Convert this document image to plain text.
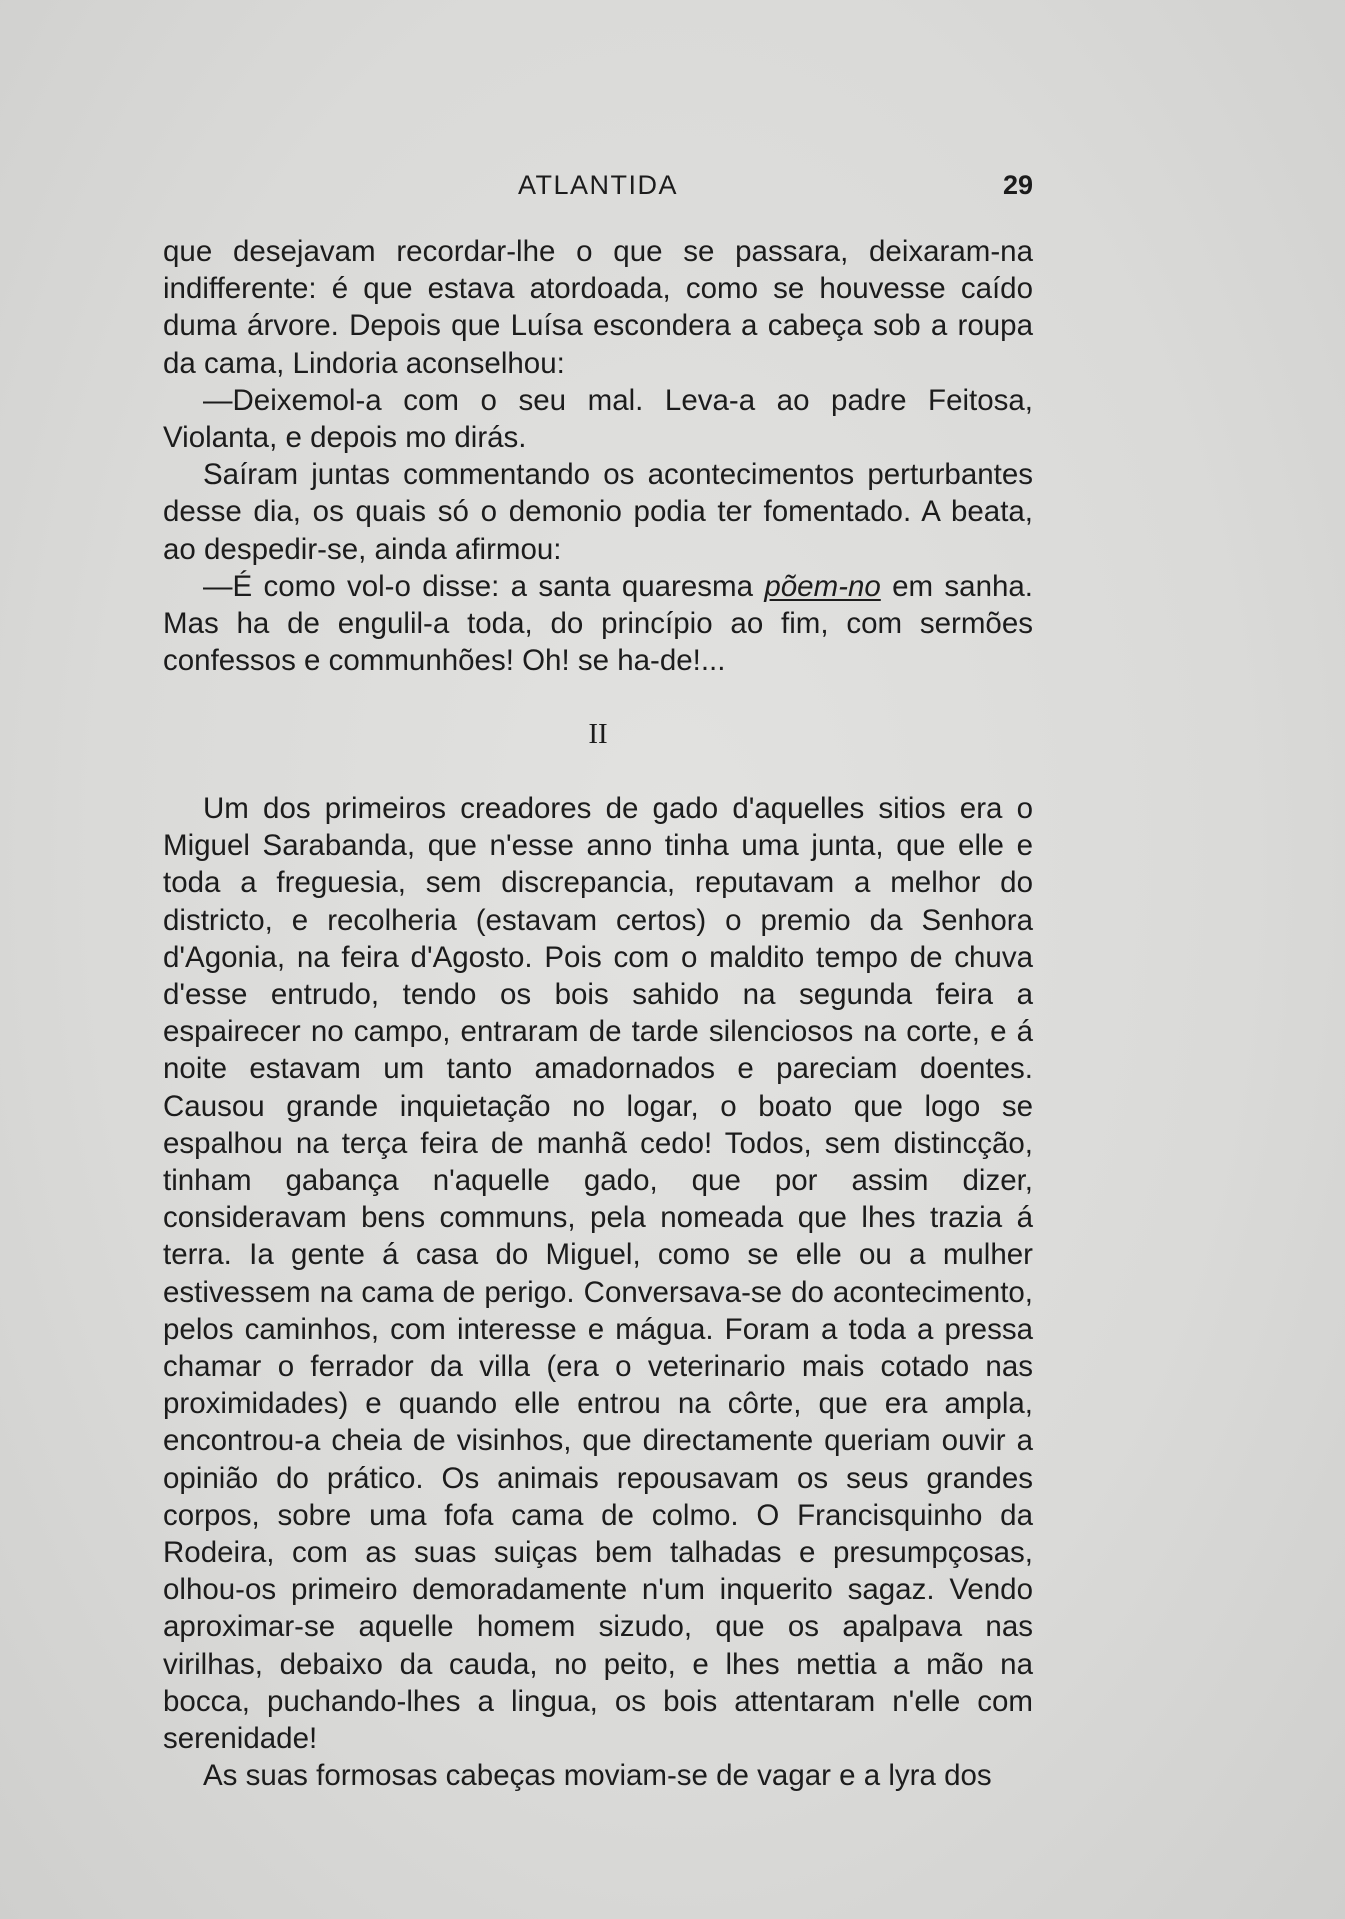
ATLANTIDA	29

que desejavam recordar-lhe o que se passara, deixaram-na indifferente: é que estava atordoada, como se houvesse caído duma árvore. Depois que Luísa escondera a cabeça sob a roupa da cama, Lindoria aconselhou:

—Deixemol-a com o seu mal. Leva-a ao padre Feitosa, Violanta, e depois mo dirás.

Saíram juntas commentando os acontecimentos perturbantes desse dia, os quais só o demonio podia ter fomentado. A beata, ao despedir-se, ainda afirmou:

—É como vol-o disse: a santa quaresma põem-no em sanha. Mas ha de engulil-a toda, do princípio ao fim, com sermões confessos e communhões! Oh! se ha-de!...

II

Um dos primeiros creadores de gado d'aquelles sitios era o Miguel Sarabanda, que n'esse anno tinha uma junta, que elle e toda a freguesia, sem discrepancia, reputavam a melhor do districto, e recolheria (estavam certos) o premio da Senhora d'Agonia, na feira d'Agosto. Pois com o maldito tempo de chuva d'esse entrudo, tendo os bois sahido na segunda feira a espairecer no campo, entraram de tarde silenciosos na corte, e á noite estavam um tanto amadornados e pareciam doentes. Causou grande inquietação no logar, o boato que logo se espalhou na terça feira de manhã cedo! Todos, sem distincção, tinham gabança n'aquelle gado, que por assim dizer, consideravam bens communs, pela nomeada que lhes trazia á terra. Ia gente á casa do Miguel, como se elle ou a mulher estivessem na cama de perigo. Conversava-se do acontecimento, pelos caminhos, com interesse e mágua. Foram a toda a pressa chamar o ferrador da villa (era o veterinario mais cotado nas proximidades) e quando elle entrou na côrte, que era ampla, encontrou-a cheia de visinhos, que directamente queriam ouvir a opinião do prático. Os animais repousavam os seus grandes corpos, sobre uma fofa cama de colmo. O Francisquinho da Rodeira, com as suas suiças bem talhadas e presumpçosas, olhou-os primeiro demoradamente n'um inquerito sagaz. Vendo aproximar-se aquelle homem sizudo, que os apalpava nas virilhas, debaixo da cauda, no peito, e lhes mettia a mão na bocca, puchando-lhes a lingua, os bois attentaram n'elle com serenidade!

As suas formosas cabeças moviam-se de vagar e a lyra dos
